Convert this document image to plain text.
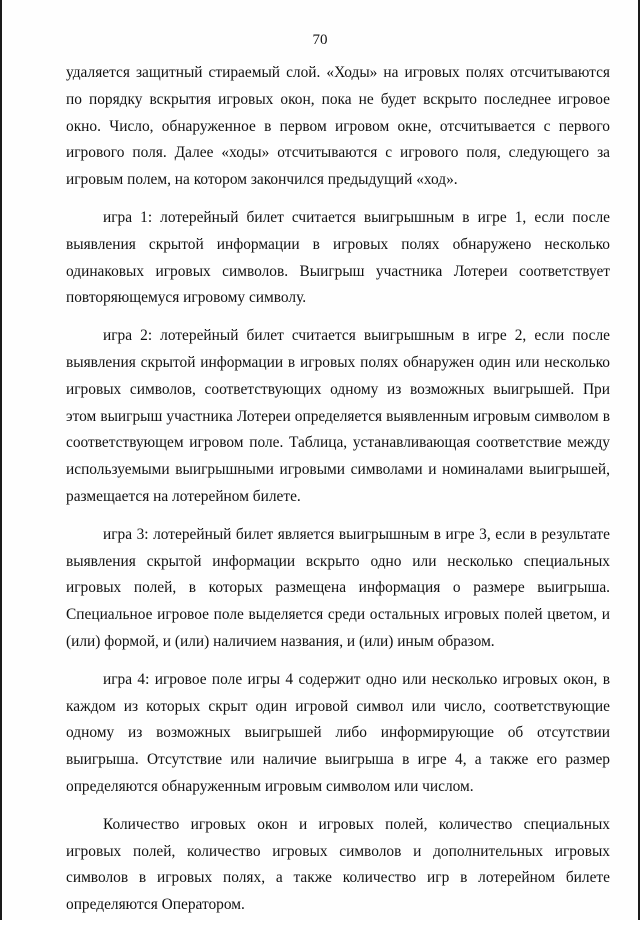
70

удаляется защитный стираемый слой. «Ходы» на игровых полях отсчитываются по порядку вскрытия игровых окон, пока не будет вскрыто последнее игровое окно. Число, обнаруженное в первом игровом окне, отсчитывается с первого игрового поля. Далее «ходы» отсчитываются с игрового поля, следующего за игровым полем, на котором закончился предыдущий «ход».

игра 1: лотерейный билет считается выигрышным в игре 1, если после выявления скрытой информации в игровых полях обнаружено несколько одинаковых игровых символов. Выигрыш участника Лотереи соответствует повторяющемуся игровому символу.

игра 2: лотерейный билет считается выигрышным в игре 2, если после выявления скрытой информации в игровых полях обнаружен один или несколько игровых символов, соответствующих одному из возможных выигрышей. При этом выигрыш участника Лотереи определяется выявленным игровым символом в соответствующем игровом поле. Таблица, устанавливающая соответствие между используемыми выигрышными игровыми символами и номиналами выигрышей, размещается на лотерейном билете.

игра 3: лотерейный билет является выигрышным в игре 3, если в результате выявления скрытой информации вскрыто одно или несколько специальных игровых полей, в которых размещена информация о размере выигрыша. Специальное игровое поле выделяется среди остальных игровых полей цветом, и (или) формой, и (или) наличием названия, и (или) иным образом.

игра 4: игровое поле игры 4 содержит одно или несколько игровых окон, в каждом из которых скрыт один игровой символ или число, соответствующие одному из возможных выигрышей либо информирующие об отсутствии выигрыша. Отсутствие или наличие выигрыша в игре 4, а также его размер определяются обнаруженным игровым символом или числом.

Количество игровых окон и игровых полей, количество специальных игровых полей, количество игровых символов и дополнительных игровых символов в игровых полях, а также количество игр в лотерейном билете определяются Оператором.
